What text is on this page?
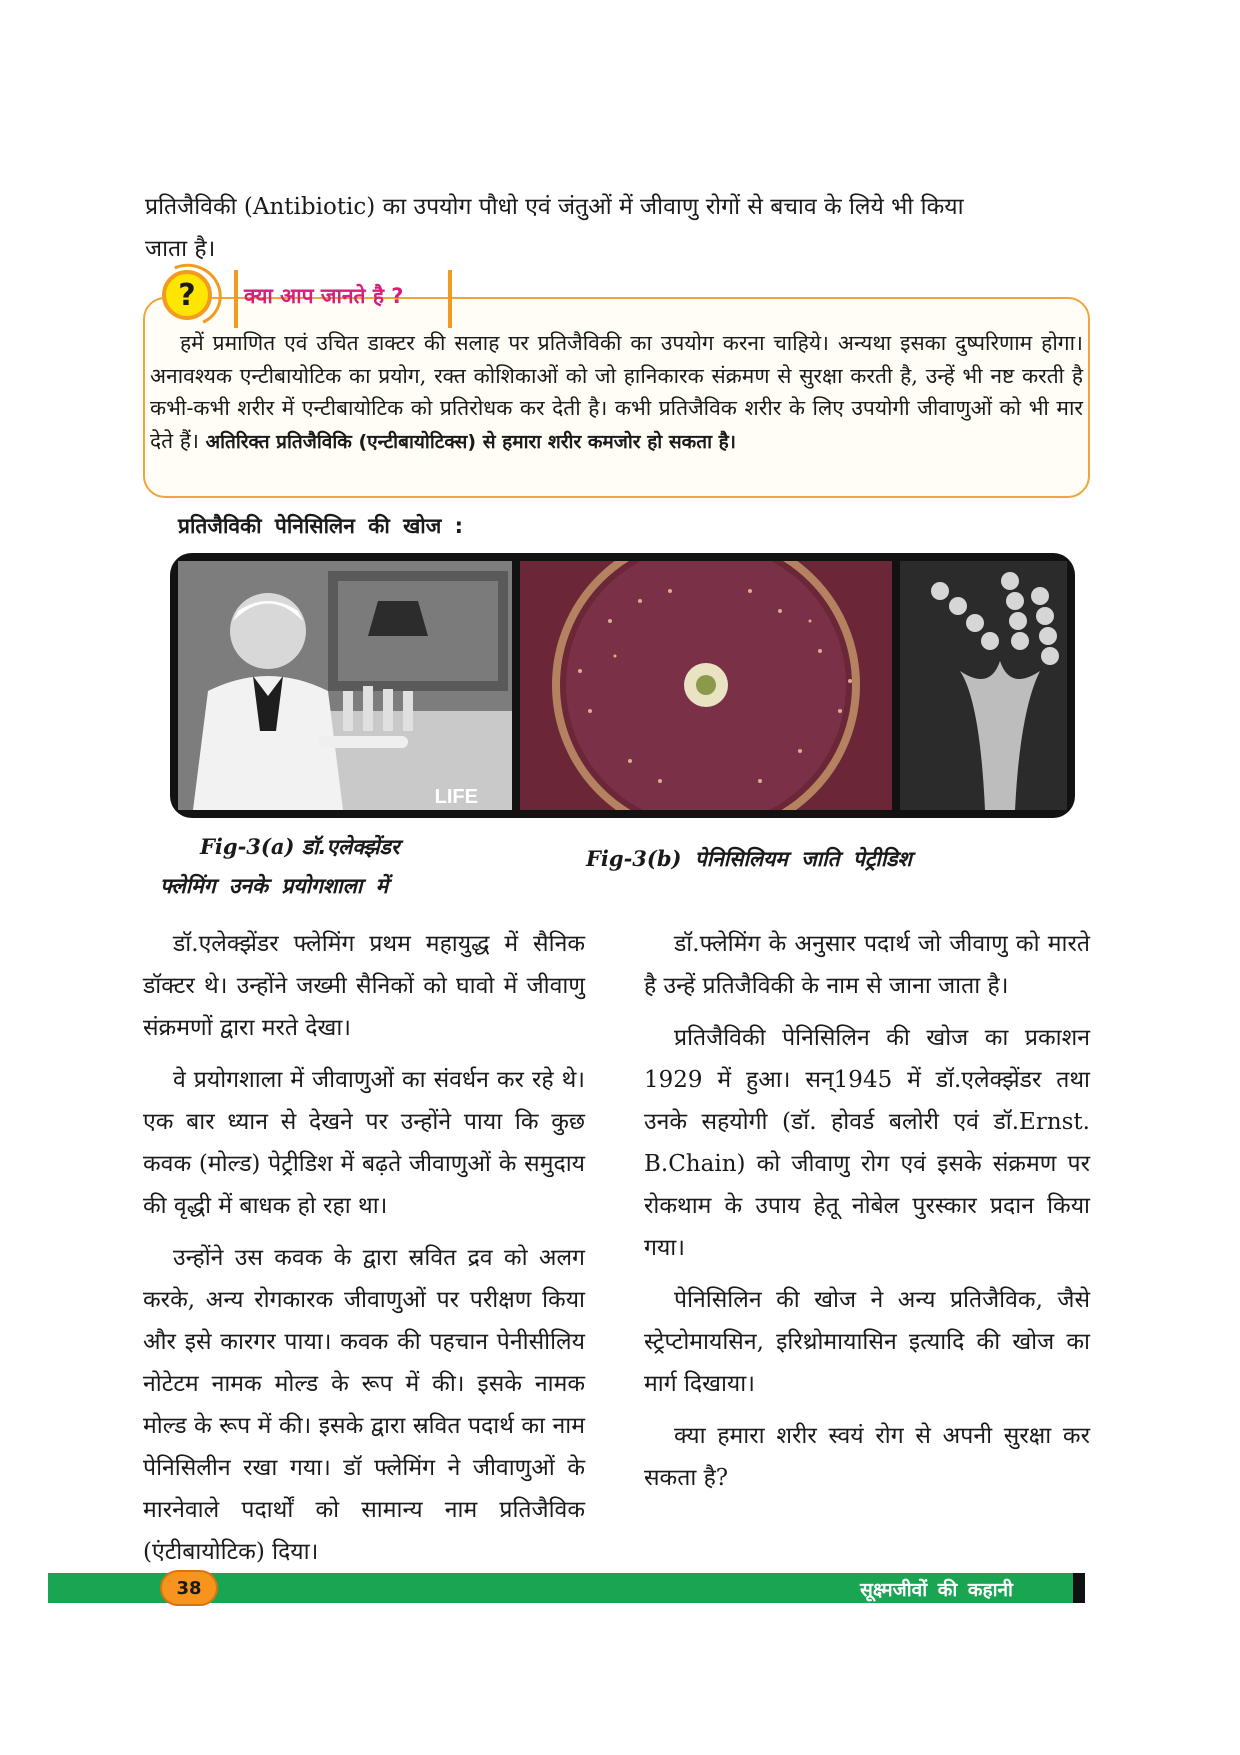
प्रतिजैविकी (Antibiotic) का उपयोग पौधो एवं जंतुओं में जीवाणु रोगों से बचाव के लिये भी किया

जाता है।

?	क्या आप जानते है ?

हमें प्रमाणित एवं उचित डाक्टर की सलाह पर प्रतिजैविकी का उपयोग करना चाहिये। अन्यथा इसका दुष्परिणाम होगा। अनावश्यक एन्टीबायोटिक का प्रयोग, रक्त कोशिकाओं को जो हानिकारक संक्रमण से सुरक्षा करती है, उन्हें भी नष्ट करती है कभी-कभी शरीर में एन्टीबायोटिक को प्रतिरोधक कर देती है। कभी प्रतिजैविक शरीर के लिए उपयोगी जीवाणुओं को भी मार देते हैं। अतिरिक्त प्रतिजैविकि (एन्टीबायोटिक्स) से हमारा शरीर कमजोर हो सकता है।

प्रतिजैविकी पेनिसिलिन की खोज :
LIFE
Fig-3(a) डॉ.एलेक्झेंडर
फ्लेमिंग उनके प्रयोगशाला में
Fig-3(b) पेनिसिलियम जाति पेट्रीडिश

डॉ.एलेक्झेंडर फ्लेमिंग प्रथम महायुद्ध में सैनिक डॉक्टर थे। उन्होंने जख्मी सैनिकों को घावो में जीवाणु संक्रमणों द्वारा मरते देखा।

वे प्रयोगशाला में जीवाणुओं का संवर्धन कर रहे थे। एक बार ध्यान से देखने पर उन्होंने पाया कि कुछ कवक (मोल्ड) पेट्रीडिश में बढ़ते जीवाणुओं के समुदाय की वृद्धी में बाधक हो रहा था।

उन्होंने उस कवक के द्वारा स्रवित द्रव को अलग करके, अन्य रोगकारक जीवाणुओं पर परीक्षण किया और इसे कारगर पाया। कवक की पहचान पेनीसीलिय नोटेटम नामक मोल्ड के रूप में की। इसके नामक मोल्ड के रूप में की। इसके द्वारा स्रवित पदार्थ का नाम पेनिसिलीन रखा गया। डॉ फ्लेमिंग ने जीवाणुओं के मारनेवाले पदार्थों को सामान्य नाम प्रतिजैविक (एंटीबायोटिक) दिया।

डॉ.फ्लेमिंग के अनुसार पदार्थ जो जीवाणु को मारते है उन्हें प्रतिजैविकी के नाम से जाना जाता है।

प्रतिजैविकी पेनिसिलिन की खोज का प्रकाशन 1929 में हुआ। सन्1945 में डॉ.एलेक्झेंडर तथा उनके सहयोगी (डॉ. होवर्ड बलोरी एवं डॉ.Ernst. B.Chain) को जीवाणु रोग एवं इसके संक्रमण पर रोकथाम के उपाय हेतू नोबेल पुरस्कार प्रदान किया गया।

पेनिसिलिन की खोज ने अन्य प्रतिजैविक, जैसे स्ट्रेप्टोमायसिन, इरिथ्रोमायासिन इत्यादि की खोज का मार्ग दिखाया।

क्या हमारा शरीर स्वयं रोग से अपनी सुरक्षा कर सकता है?

38	सूक्ष्मजीवों की कहानी
